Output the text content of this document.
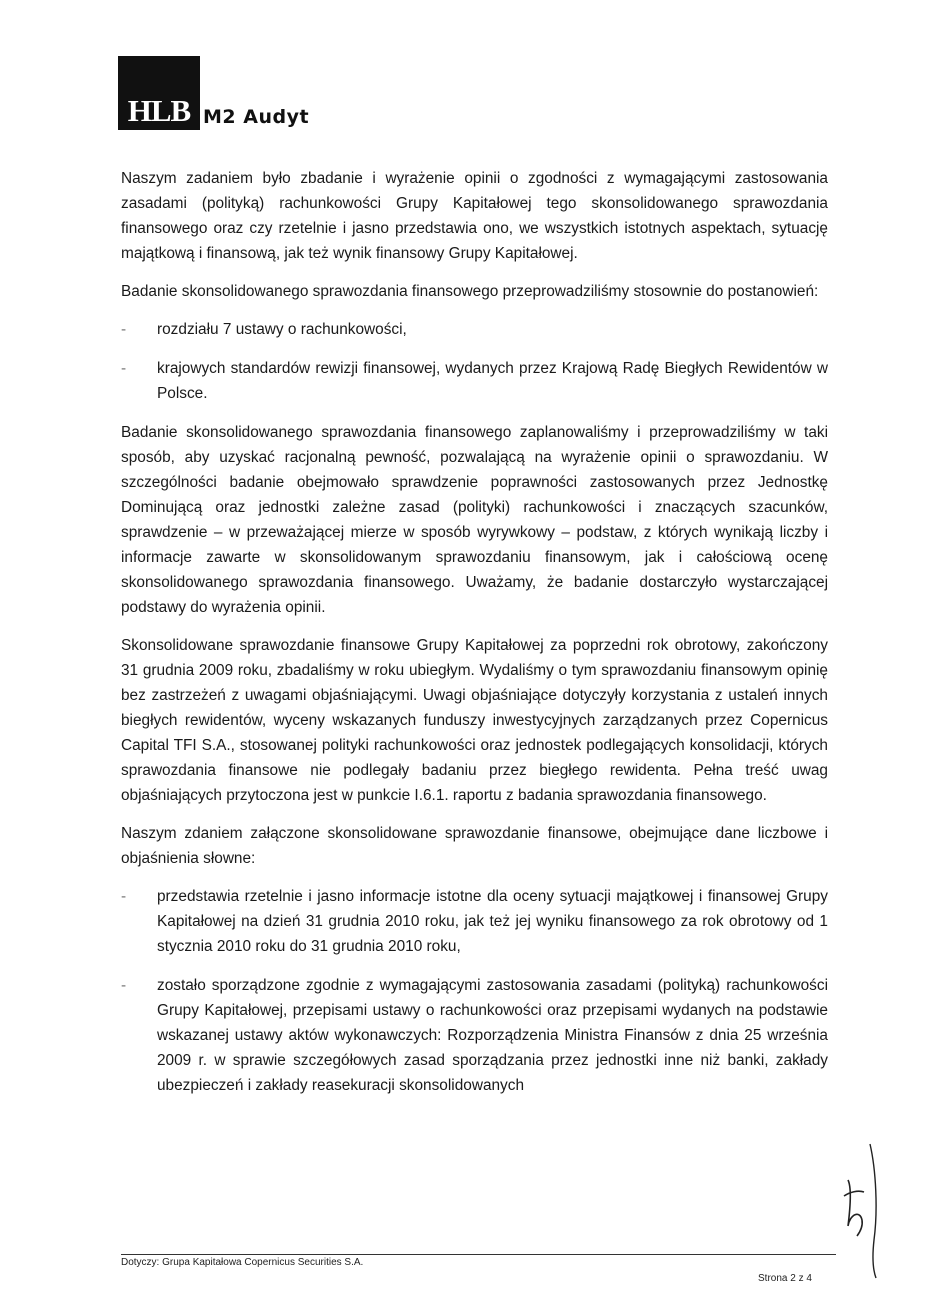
HLB M2 Audyt

Naszym zadaniem było zbadanie i wyrażenie opinii o zgodności z wymagającymi zastosowania zasadami (polityką) rachunkowości Grupy Kapitałowej tego skonsolidowanego sprawozdania finansowego oraz czy rzetelnie i jasno przedstawia ono, we wszystkich istotnych aspektach, sytuację majątkową i finansową, jak też wynik finansowy Grupy Kapitałowej.

Badanie skonsolidowanego sprawozdania finansowego przeprowadziliśmy stosownie do postanowień:

- rozdziału 7 ustawy o rachunkowości,
- krajowych standardów rewizji finansowej, wydanych przez Krajową Radę Biegłych Rewidentów w Polsce.

Badanie skonsolidowanego sprawozdania finansowego zaplanowaliśmy i przeprowadziliśmy w taki sposób, aby uzyskać racjonalną pewność, pozwalającą na wyrażenie opinii o sprawozdaniu. W szczególności badanie obejmowało sprawdzenie poprawności zastosowanych przez Jednostkę Dominującą oraz jednostki zależne zasad (polityki) rachunkowości i znaczących szacunków, sprawdzenie – w przeważającej mierze w sposób wyrywkowy – podstaw, z których wynikają liczby i informacje zawarte w skonsolidowanym sprawozdaniu finansowym, jak i całościową ocenę skonsolidowanego sprawozdania finansowego. Uważamy, że badanie dostarczyło wystarczającej podstawy do wyrażenia opinii.

Skonsolidowane sprawozdanie finansowe Grupy Kapitałowej za poprzedni rok obrotowy, zakończony 31 grudnia 2009 roku, zbadaliśmy w roku ubiegłym. Wydaliśmy o tym sprawozdaniu finansowym opinię bez zastrzeżeń z uwagami objaśniającymi. Uwagi objaśniające dotyczyły korzystania z ustaleń innych biegłych rewidentów, wyceny wskazanych funduszy inwestycyjnych zarządzanych przez Copernicus Capital TFI S.A., stosowanej polityki rachunkowości oraz jednostek podlegających konsolidacji, których sprawozdania finansowe nie podlegały badaniu przez biegłego rewidenta. Pełna treść uwag objaśniających przytoczona jest w punkcie I.6.1. raportu z badania sprawozdania finansowego.

Naszym zdaniem załączone skonsolidowane sprawozdanie finansowe, obejmujące dane liczbowe i objaśnienia słowne:

- przedstawia rzetelnie i jasno informacje istotne dla oceny sytuacji majątkowej i finansowej Grupy Kapitałowej na dzień 31 grudnia 2010 roku, jak też jej wyniku finansowego za rok obrotowy od 1 stycznia 2010 roku do 31 grudnia 2010 roku,
- zostało sporządzone zgodnie z wymagającymi zastosowania zasadami (polityką) rachunkowości Grupy Kapitałowej, przepisami ustawy o rachunkowości oraz przepisami wydanych na podstawie wskazanej ustawy aktów wykonawczych: Rozporządzenia Ministra Finansów z dnia 25 września 2009 r. w sprawie szczegółowych zasad sporządzania przez jednostki inne niż banki, zakłady ubezpieczeń i zakłady reasekuracji skonsolidowanych
Dotyczy: Grupa Kapitałowa Copernicus Securities S.A.
Strona 2 z 4
